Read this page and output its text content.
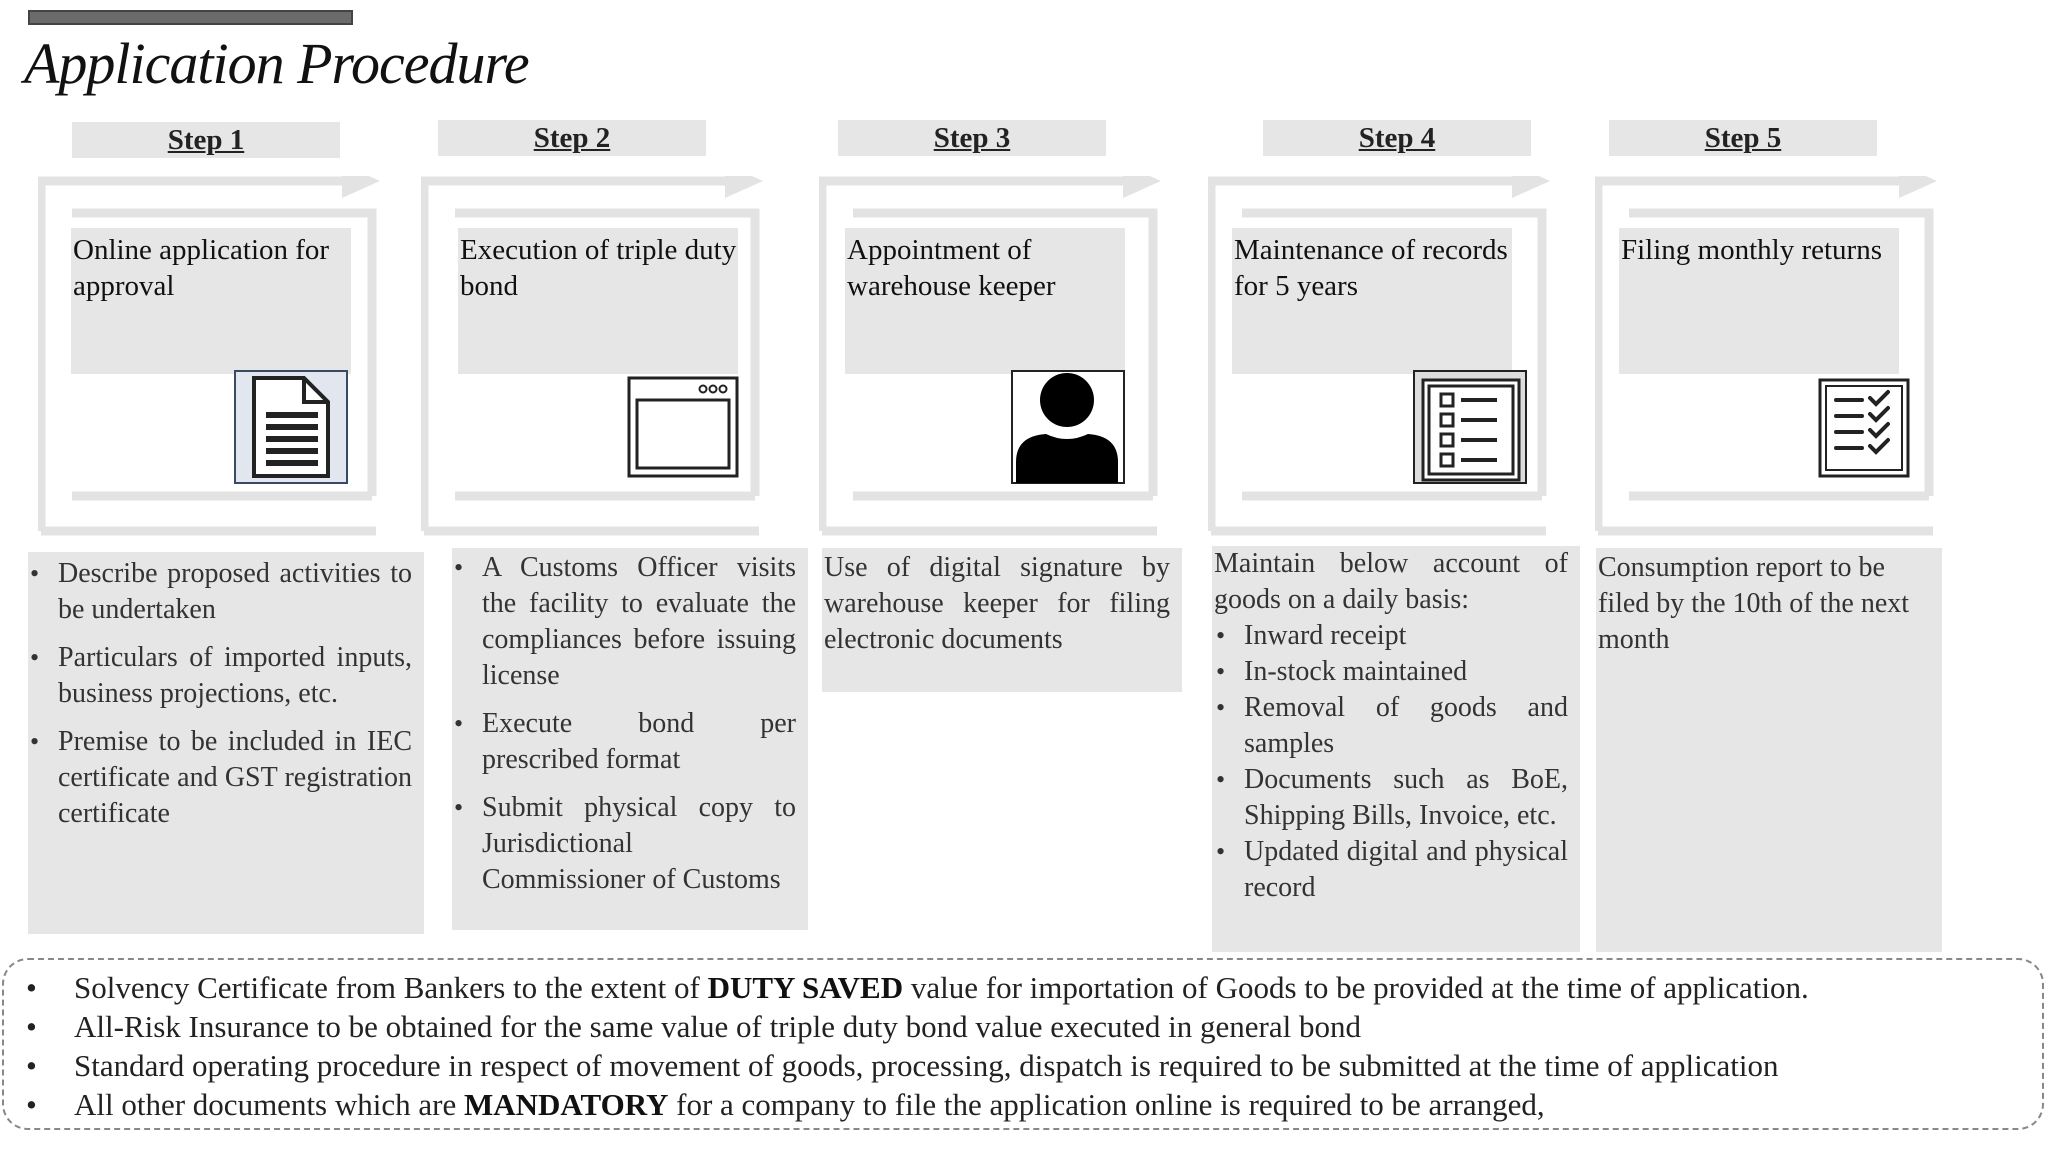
Application Procedure
Step 1	Step 2	Step 3	Step 4	Step 5
Online application for approval
Execution of triple duty bond
Appointment of warehouse keeper
Maintenance of records for 5 years
Filing monthly returns
• Describe proposed activities to be undertaken
• Particulars of imported inputs, business projections, etc.
• Premise to be included in IEC certificate and GST registration certificate
• A Customs Officer visits the facility to evaluate the compliances before issuing license
• Execute bond per prescribed format
• Submit physical copy to Jurisdictional Commissioner of Customs

Use of digital signature by warehouse keeper for filing electronic documents

Maintain below account of goods on a daily basis:

• Inward receipt
• In-stock maintained
• Removal of goods and samples
• Documents such as BoE, Shipping Bills, Invoice, etc.
• Updated digital and physical record

Consumption report to be filed by the 10th of the next month

• Solvency Certificate from Bankers to the extent of DUTY SAVED value for importation of Goods to be provided at the time of application.
• All-Risk Insurance to be obtained for the same value of triple duty bond value executed in general bond
• Standard operating procedure in respect of movement of goods, processing, dispatch is required to be submitted at the time of application
• All other documents which are MANDATORY for a company to file the application online is required to be arranged,
